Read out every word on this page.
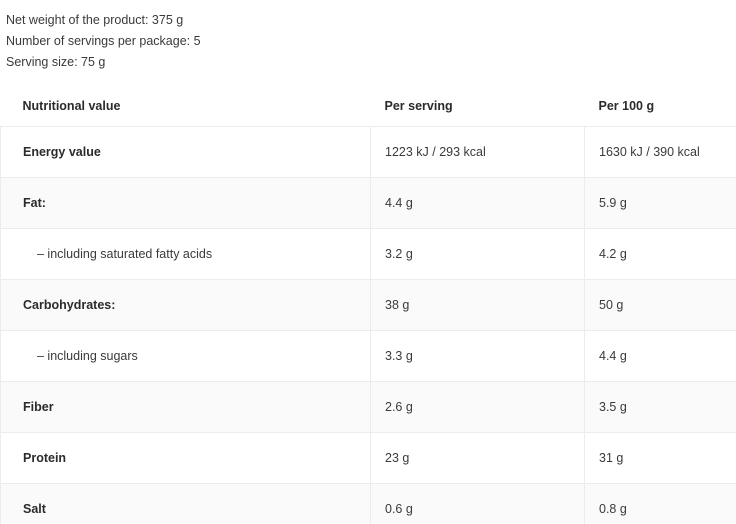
Net weight of the product: 375 g
Number of servings per package: 5
Serving size: 75 g
Nutritional value	Per serving	Per 100 g
Energy value	1223 kJ / 293 kcal	1630 kJ / 390 kcal
Fat:	4.4 g	5.9 g
– including saturated fatty acids	3.2 g	4.2 g
Carbohydrates:	38 g	50 g
– including sugars	3.3 g	4.4 g
Fiber	2.6 g	3.5 g
Protein	23 g	31 g
Salt	0.6 g	0.8 g
